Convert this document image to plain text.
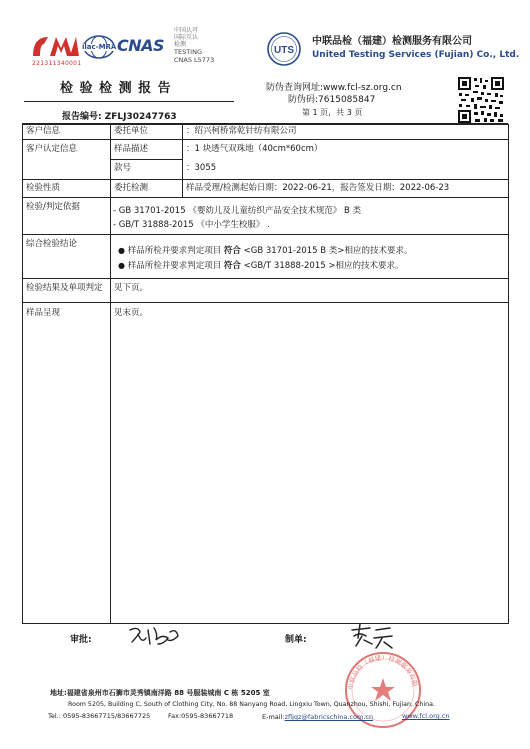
221311340001
ilac-MRA CNAS
中国认可
国际互认
检测
TESTING
CNAS L5773
UTS
中联品检（福建）检测服务有限公司
United Testing Services (Fujian) Co., Ltd.
检 验 检 测 报 告
报告编号: ZFLJ30247763
防伪查询网址:www.fcl-sz.org.cn
防伪码:7615085847
第 1 页，共 3 页
客户信息	委托单位	：绍兴柯桥常乾针纺有限公司
客户认定信息	样品描述	：1 块透气双珠地（40cm*60cm）
款号	：3055
检验性质	委托检测	样品受理/检测起始日期：2022-06-21，报告签发日期：2022-06-23
检验/判定依据	- GB 31701-2015 《婴幼儿及儿童纺织产品安全技术规范》 B 类
- GB/T 31888-2015 《中小学生校服》 .
综合检验结论
● 样品所检并要求判定项目 符合 <GB 31701-2015 B 类>相应的技术要求。
● 样品所检并要求判定项目 符合 <GB/T 31888-2015 >相应的技术要求。
检验结果及单项判定 见下页。
样品呈现	见末页。
审批:	制单:
中联品检（福建）检测服务有限
地址:福建省泉州市石狮市灵秀镇南洋路 88 号服装城南 C 栋 5205 室
Room 5205, Building C, South of Clothing City, No. 88 Nanyang Road, Lingxiu Town, Quanzhou, Shishi, Fujian, China.
Tel.: 0595-83667715/83667725	Fax:0595-83667718	E-mail:zfljqz@fabricschina.com.cn	www.fcl.org.cn
